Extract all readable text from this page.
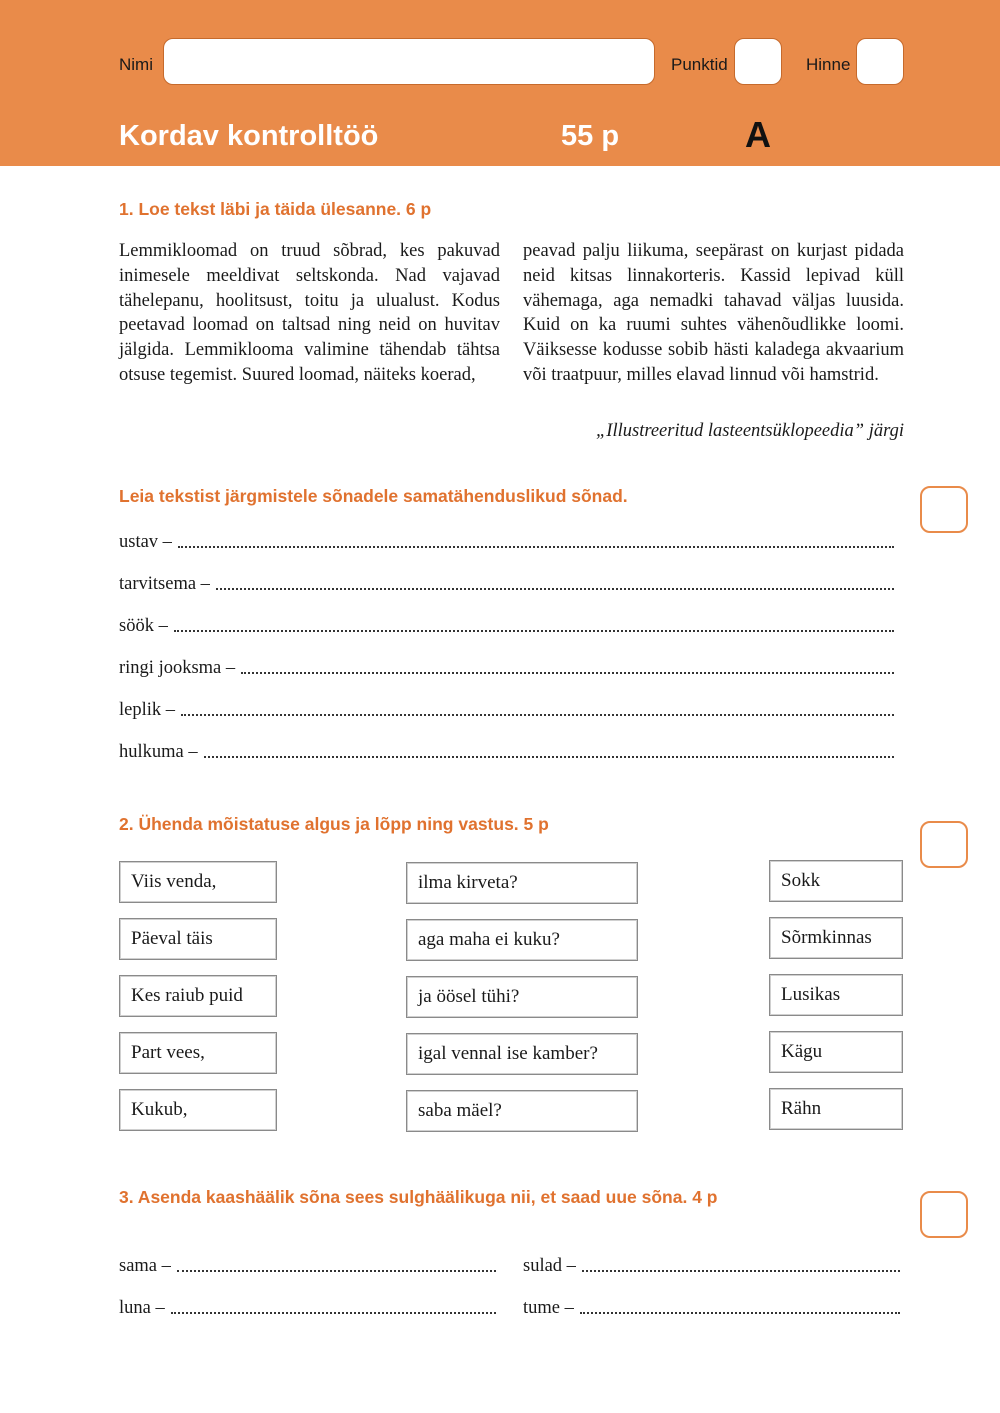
Nimi	Punktid	Hinne
Kordav kontrolltöö	55 p	A
1. Loe tekst läbi ja täida ülesanne. 6 p
Lemmikloomad on truud sõbrad, kes pakuvad inimesele meeldivat seltskonda. Nad vajavad tähelepanu, hoolitsust, toitu ja ulualust. Kodus peetavad loomad on taltsad ning neid on huvitav jälgida. Lemmiklooma valimine tähendab tähtsa otsuse tegemist. Suured loomad, näiteks koerad,
peavad palju liikuma, seepärast on kurjast pidada neid kitsas linnakorteris. Kassid lepivad küll vähemaga, aga nemadki tahavad väljas luusida. Kuid on ka ruumi suhtes vähenõudlikke loomi. Väiksesse kodusse sobib hästi kaladega akvaarium või traatpuur, milles elavad linnud või hamstrid.
„Illustreeritud lasteentsüklopeedia” järgi
Leia tekstist järgmistele sõnadele samatähenduslikud sõnad.
ustav –
tarvitsema –
söök –
ringi jooksma –
leplik –
hulkuma –
2. Ühenda mõistatuse algus ja lõpp ning vastus. 5 p
Viis venda,
Päeval täis
Kes raiub puid
Part vees,
Kukub,
ilma kirveta?
aga maha ei kuku?
ja öösel tühi?
igal vennal ise kamber?
saba mäel?
Sokk
Sõrmkinnas
Lusikas
Kägu
Rähn
3. Asenda kaashäälik sõna sees sulghäälikuga nii, et saad uue sõna. 4 p
sama –
luna –
sulad –
tume –
